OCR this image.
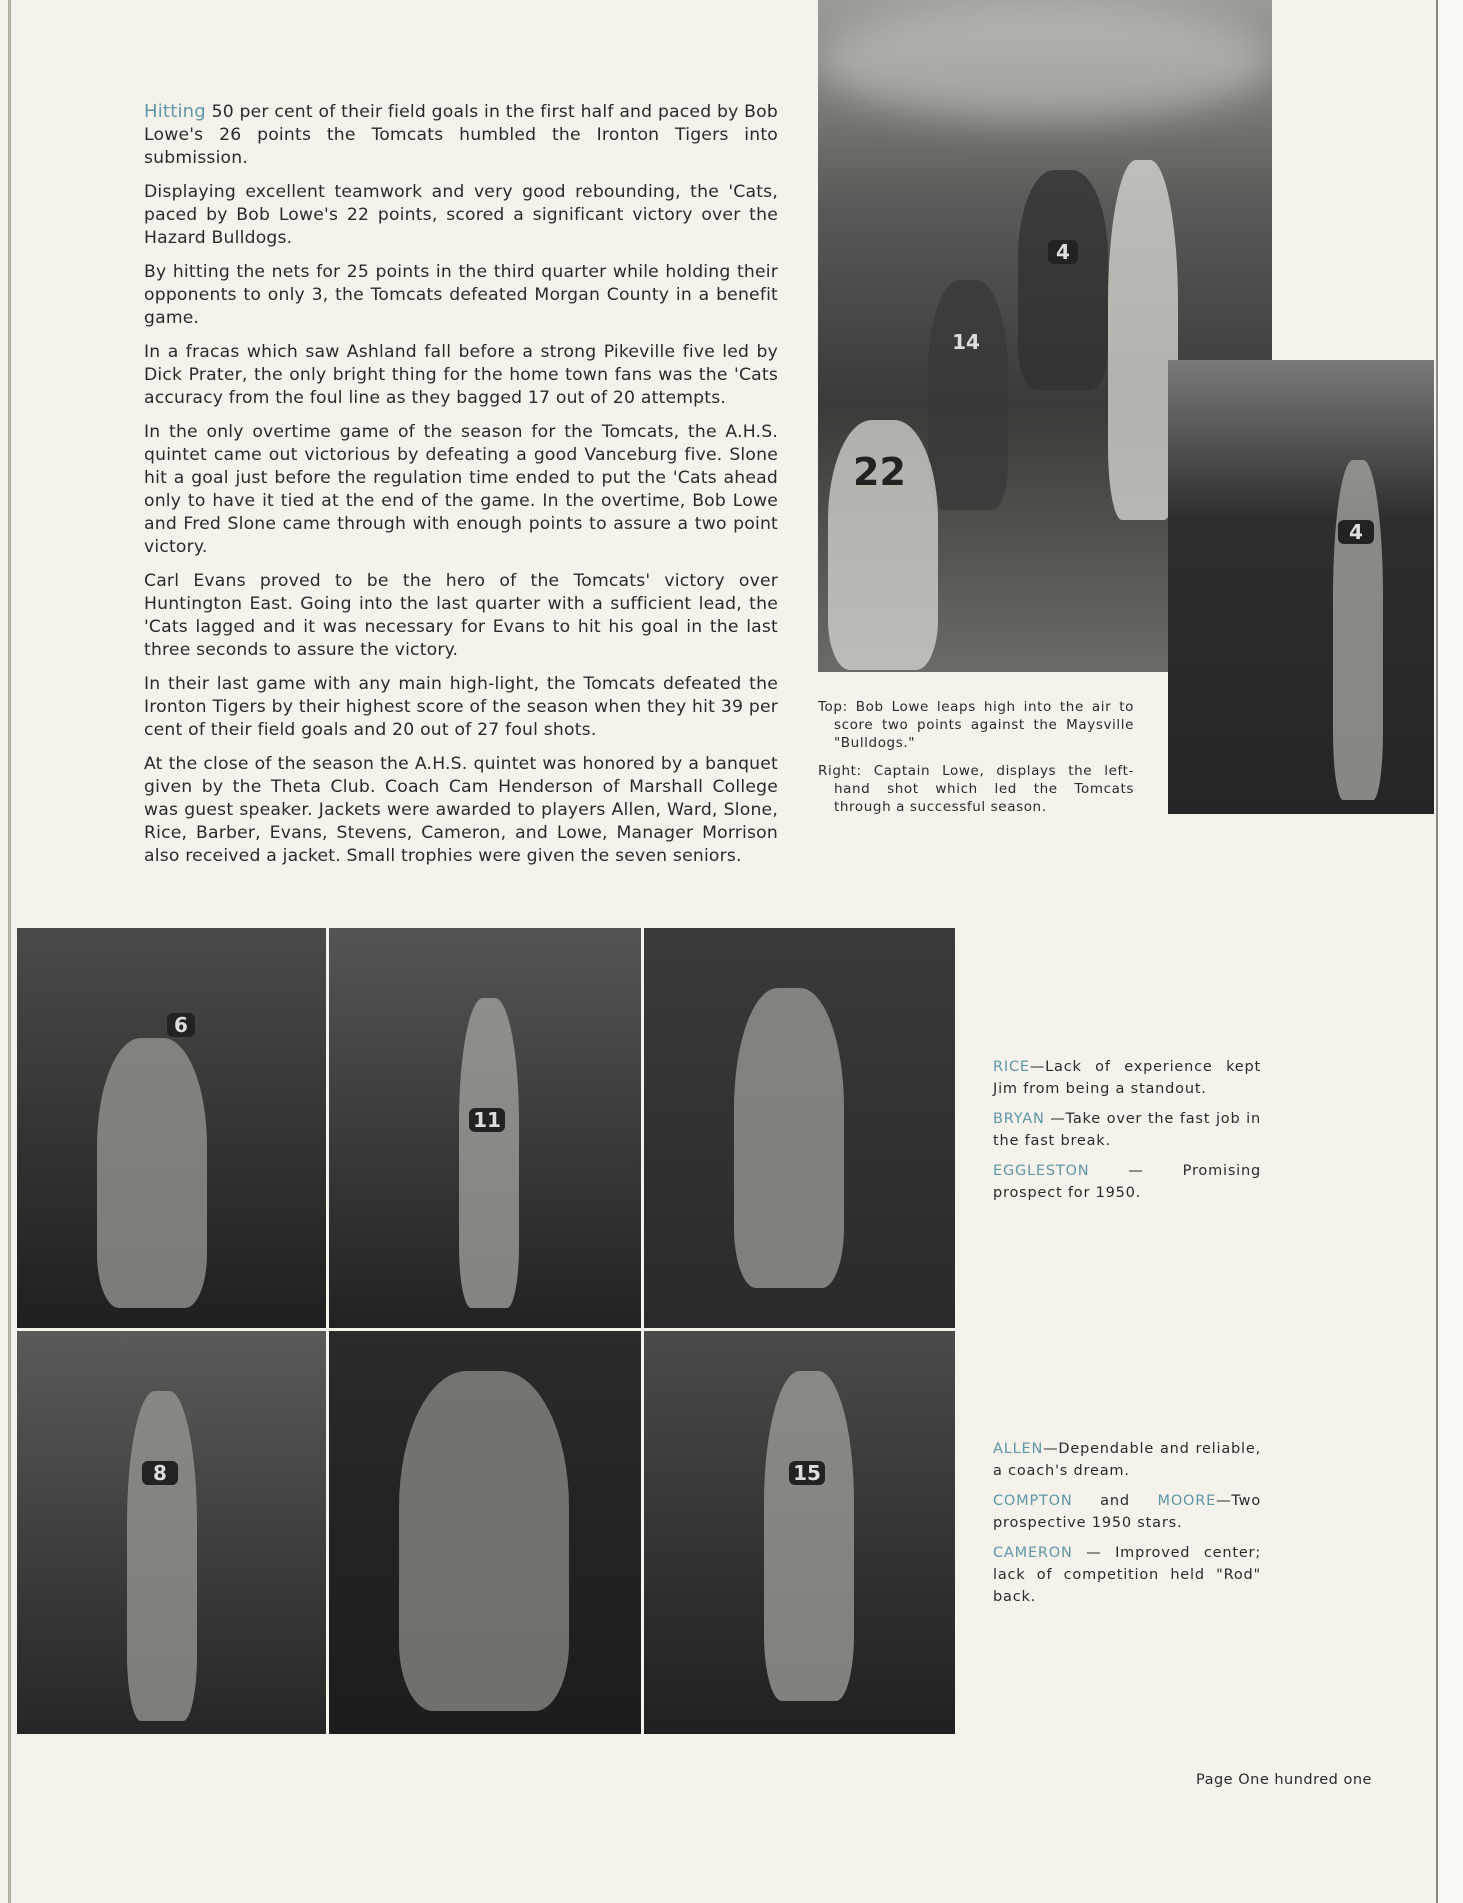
Hitting 50 per cent of their field goals in the first half and paced by Bob Lowe's 26 points the Tomcats humbled the Ironton Tigers into submission.

Displaying excellent teamwork and very good rebounding, the 'Cats, paced by Bob Lowe's 22 points, scored a significant victory over the Hazard Bulldogs.

By hitting the nets for 25 points in the third quarter while holding their opponents to only 3, the Tomcats defeated Morgan County in a benefit game.

In a fracas which saw Ashland fall before a strong Pikeville five led by Dick Prater, the only bright thing for the home town fans was the 'Cats accuracy from the foul line as they bagged 17 out of 20 attempts.

In the only overtime game of the season for the Tomcats, the A.H.S. quintet came out victorious by defeating a good Vanceburg five. Slone hit a goal just before the regulation time ended to put the 'Cats ahead only to have it tied at the end of the game. In the overtime, Bob Lowe and Fred Slone came through with enough points to assure a two point victory.

Carl Evans proved to be the hero of the Tomcats' victory over Huntington East. Going into the last quarter with a sufficient lead, the 'Cats lagged and it was necessary for Evans to hit his goal in the last three seconds to assure the victory.

In their last game with any main high-light, the Tomcats defeated the Ironton Tigers by their highest score of the season when they hit 39 per cent of their field goals and 20 out of 27 foul shots.

At the close of the season the A.H.S. quintet was honored by a banquet given by the Theta Club. Coach Cam Henderson of Marshall College was guest speaker. Jackets were awarded to players Allen, Ward, Slone, Rice, Barber, Evans, Stevens, Cameron, and Lowe, Manager Morrison also received a jacket. Small trophies were given the seven seniors.

4
14
22
4

Top: Bob Lowe leaps high into the air to score two points against the Maysville "Bulldogs."

Right: Captain Lowe, displays the left-hand shot which led the Tomcats through a successful season.

6
11
8	15

RICE—Lack of experience kept Jim from being a standout.

BRYAN —Take over the fast job in the fast break.

EGGLESTON — Promising prospect for 1950.

ALLEN—Dependable and reliable, a coach's dream.

COMPTON and MOORE—Two prospective 1950 stars.

CAMERON — Improved center; lack of competition held "Rod" back.

Page One hundred one
